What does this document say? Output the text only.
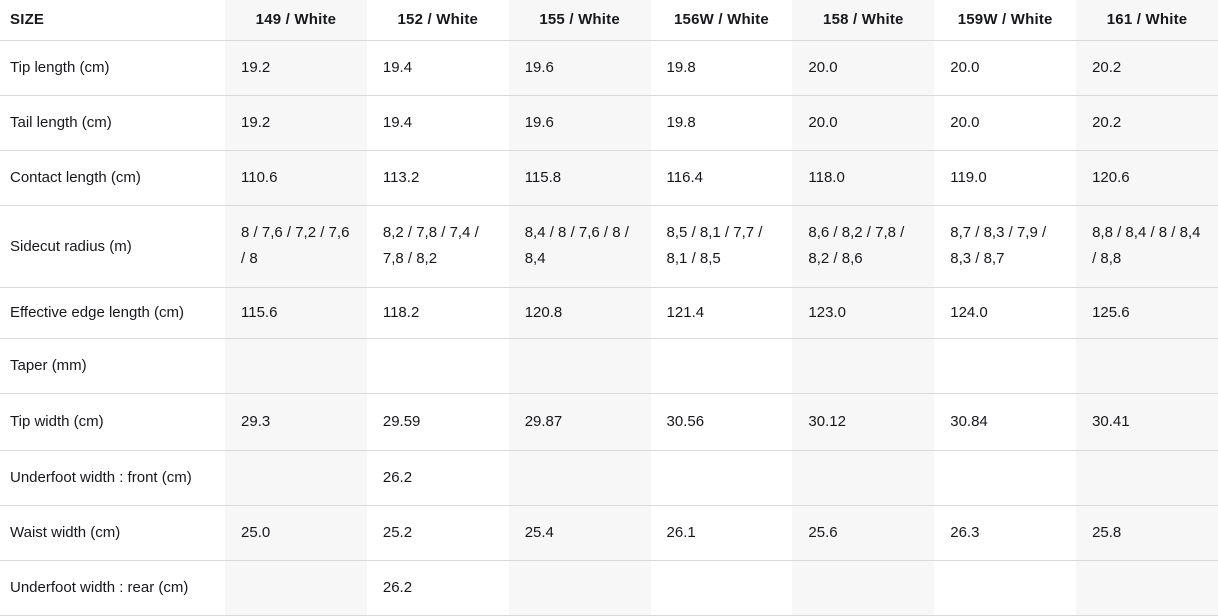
SIZE	149 / White	152 / White	155 / White	156W / White	158 / White	159W / White	161 / White
Tip length (cm)	19.2	19.4	19.6	19.8	20.0	20.0	20.2
Tail length (cm)	19.2	19.4	19.6	19.8	20.0	20.0	20.2
Contact length (cm)	110.6	113.2	115.8	116.4	118.0	119.0	120.6
Sidecut radius (m)	8 / 7,6 / 7,2 / 7,6 / 8	8,2 / 7,8 / 7,4 / 7,8 / 8,2	8,4 / 8 / 7,6 / 8 / 8,4	8,5 / 8,1 / 7,7 / 8,1 / 8,5	8,6 / 8,2 / 7,8 / 8,2 / 8,6	8,7 / 8,3 / 7,9 / 8,3 / 8,7	8,8 / 8,4 / 8 / 8,4 / 8,8
Effective edge length (cm)	115.6	118.2	120.8	121.4	123.0	124.0	125.6
Taper (mm)							
Tip width (cm)	29.3	29.59	29.87	30.56	30.12	30.84	30.41
Underfoot width : front (cm)		26.2					
Waist width (cm)	25.0	25.2	25.4	26.1	25.6	26.3	25.8
Underfoot width : rear (cm)		26.2					
